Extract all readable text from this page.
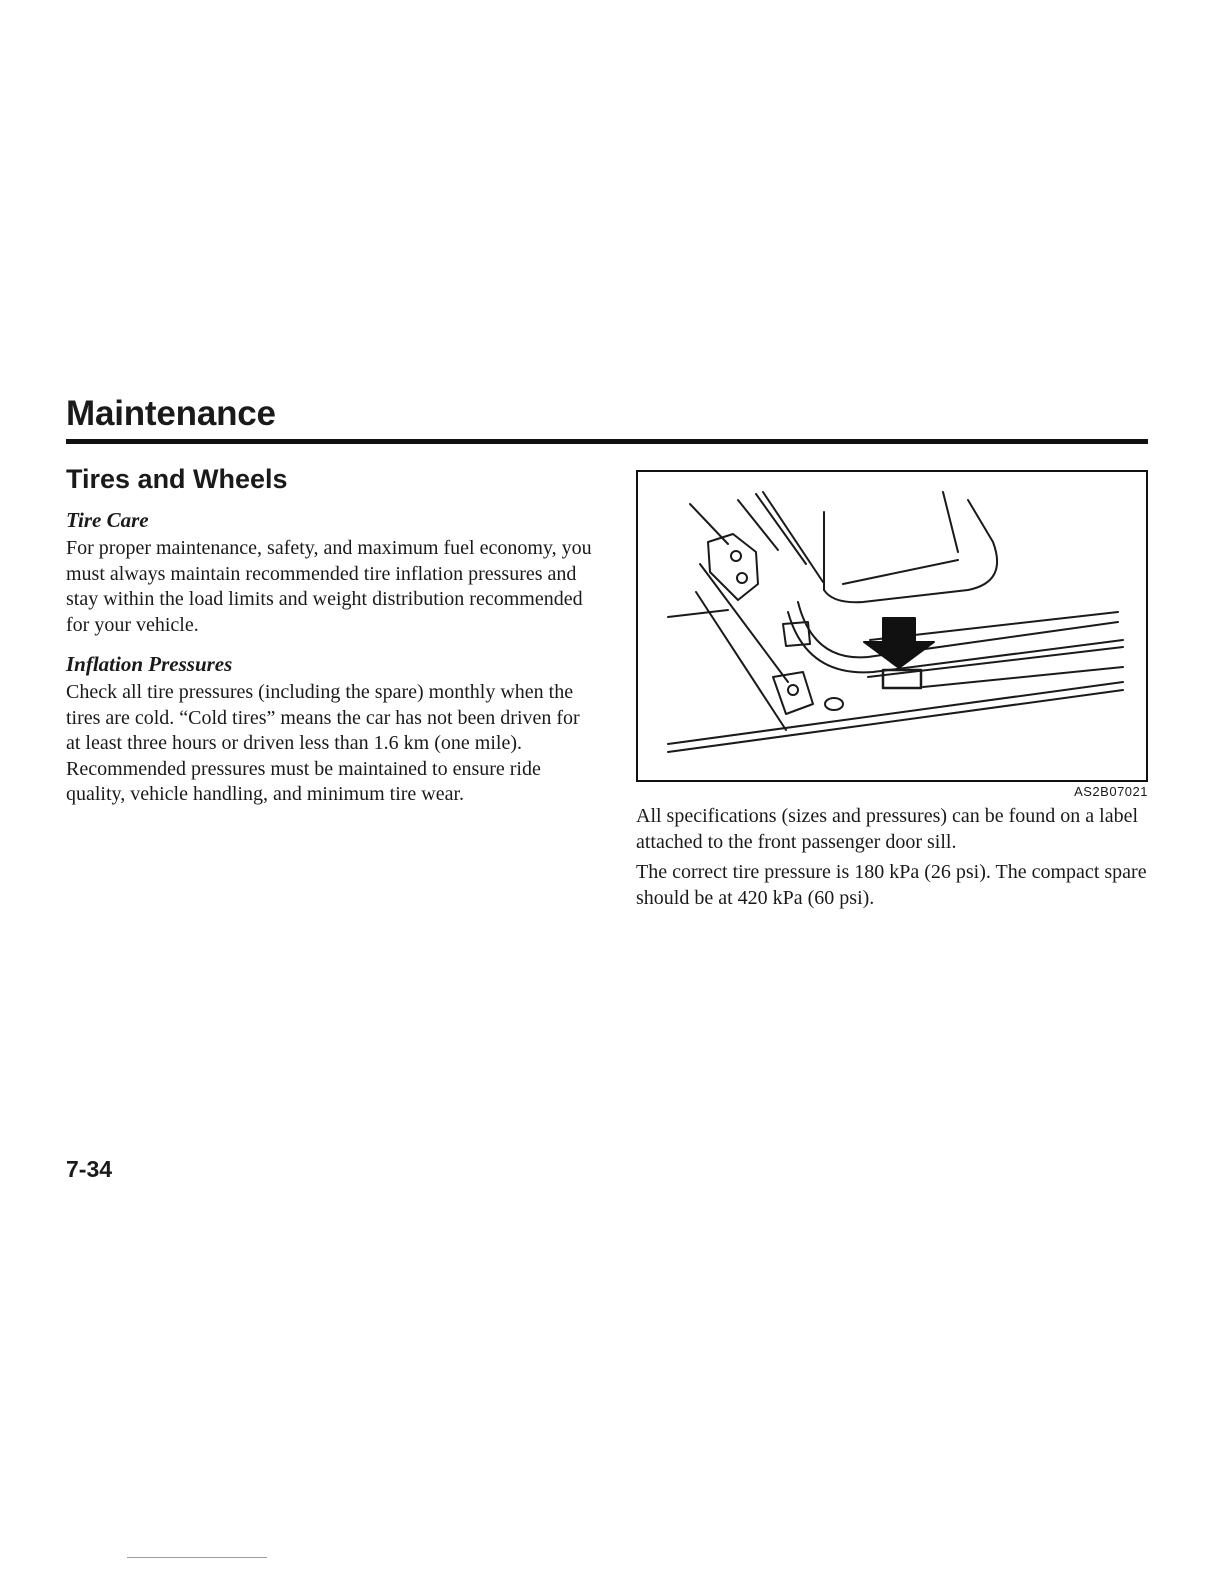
Maintenance
Tires and Wheels
Tire Care

For proper maintenance, safety, and maximum fuel economy, you must always maintain recommended tire inflation pressures and stay within the load limits and weight distribution recommended for your vehicle.

Inflation Pressures

Check all tire pressures (including the spare) monthly when the tires are cold. “Cold tires” means the car has not been driven for at least three hours or driven less than 1.6 km (one mile). Recommended pressures must be maintained to ensure ride quality, vehicle handling, and minimum tire wear.	AS2B07021

All specifications (sizes and pressures) can be found on a label attached to the front passenger door sill.

The correct tire pressure is 180 kPa (26 psi). The compact spare should be at 420 kPa (60 psi).

7-34
